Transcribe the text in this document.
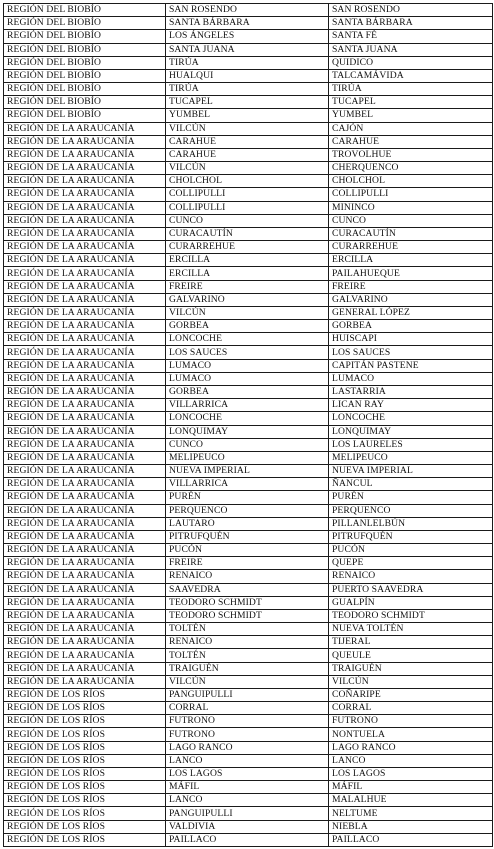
REGIÓN DEL BIOBÍO	SAN ROSENDO	SAN ROSENDO
REGIÓN DEL BIOBÍO	SANTA BÁRBARA	SANTA BÁRBARA
REGIÓN DEL BIOBÍO	LOS ÁNGELES	SANTA FÉ
REGIÓN DEL BIOBÍO	SANTA JUANA	SANTA JUANA
REGIÓN DEL BIOBÍO	TIRÚA	QUIDICO
REGIÓN DEL BIOBÍO	HUALQUI	TALCAMÁVIDA
REGIÓN DEL BIOBÍO	TIRÚA	TIRÚA
REGIÓN DEL BIOBÍO	TUCAPEL	TUCAPEL
REGIÓN DEL BIOBÍO	YUMBEL	YUMBEL
REGIÓN DE LA ARAUCANÍA	VILCÚN	CAJÓN
REGIÓN DE LA ARAUCANÍA	CARAHUE	CARAHUE
REGIÓN DE LA ARAUCANÍA	CARAHUE	TROVOLHUE
REGIÓN DE LA ARAUCANÍA	VILCÚN	CHERQUENCO
REGIÓN DE LA ARAUCANÍA	CHOLCHOL	CHOLCHOL
REGIÓN DE LA ARAUCANÍA	COLLIPULLI	COLLIPULLI
REGIÓN DE LA ARAUCANÍA	COLLIPULLI	MININCO
REGIÓN DE LA ARAUCANÍA	CUNCO	CUNCO
REGIÓN DE LA ARAUCANÍA	CURACAUTÍN	CURACAUTÍN
REGIÓN DE LA ARAUCANÍA	CURARREHUE	CURARREHUE
REGIÓN DE LA ARAUCANÍA	ERCILLA	ERCILLA
REGIÓN DE LA ARAUCANÍA	ERCILLA	PAILAHUEQUE
REGIÓN DE LA ARAUCANÍA	FREIRE	FREIRE
REGIÓN DE LA ARAUCANÍA	GALVARINO	GALVARINO
REGIÓN DE LA ARAUCANÍA	VILCÚN	GENERAL LÓPEZ
REGIÓN DE LA ARAUCANÍA	GORBEA	GORBEA
REGIÓN DE LA ARAUCANÍA	LONCOCHE	HUISCAPI
REGIÓN DE LA ARAUCANÍA	LOS SAUCES	LOS SAUCES
REGIÓN DE LA ARAUCANÍA	LUMACO	CAPITÁN PASTENE
REGIÓN DE LA ARAUCANÍA	LUMACO	LUMACO
REGIÓN DE LA ARAUCANÍA	GORBEA	LASTARRIA
REGIÓN DE LA ARAUCANÍA	VILLARRICA	LICAN RAY
REGIÓN DE LA ARAUCANÍA	LONCOCHE	LONCOCHE
REGIÓN DE LA ARAUCANÍA	LONQUIMAY	LONQUIMAY
REGIÓN DE LA ARAUCANÍA	CUNCO	LOS LAURELES
REGIÓN DE LA ARAUCANÍA	MELIPEUCO	MELIPEUCO
REGIÓN DE LA ARAUCANÍA	NUEVA IMPERIAL	NUEVA IMPERIAL
REGIÓN DE LA ARAUCANÍA	VILLARRICA	ÑANCUL
REGIÓN DE LA ARAUCANÍA	PURÉN	PURÉN
REGIÓN DE LA ARAUCANÍA	PERQUENCO	PERQUENCO
REGIÓN DE LA ARAUCANÍA	LAUTARO	PILLANLELBÚN
REGIÓN DE LA ARAUCANÍA	PITRUFQUÉN	PITRUFQUÉN
REGIÓN DE LA ARAUCANÍA	PUCÓN	PUCÓN
REGIÓN DE LA ARAUCANÍA	FREIRE	QUEPE
REGIÓN DE LA ARAUCANÍA	RENAICO	RENAICO
REGIÓN DE LA ARAUCANÍA	SAAVEDRA	PUERTO SAAVEDRA
REGIÓN DE LA ARAUCANÍA	TEODORO SCHMIDT	GUALPÍN
REGIÓN DE LA ARAUCANÍA	TEODORO SCHMIDT	TEODORO SCHMIDT
REGIÓN DE LA ARAUCANÍA	TOLTÉN	NUEVA TOLTÉN
REGIÓN DE LA ARAUCANÍA	RENAICO	TIJERAL
REGIÓN DE LA ARAUCANÍA	TOLTÉN	QUEULE
REGIÓN DE LA ARAUCANÍA	TRAIGUÉN	TRAIGUÉN
REGIÓN DE LA ARAUCANÍA	VILCÚN	VILCÚN
REGIÓN DE LOS RÍOS	PANGUIPULLI	COÑARIPE
REGIÓN DE LOS RÍOS	CORRAL	CORRAL
REGIÓN DE LOS RÍOS	FUTRONO	FUTRONO
REGIÓN DE LOS RÍOS	FUTRONO	NONTUELA
REGIÓN DE LOS RÍOS	LAGO RANCO	LAGO RANCO
REGIÓN DE LOS RÍOS	LANCO	LANCO
REGIÓN DE LOS RÍOS	LOS LAGOS	LOS LAGOS
REGIÓN DE LOS RÍOS	MÁFIL	MÁFIL
REGIÓN DE LOS RÍOS	LANCO	MALALHUE
REGIÓN DE LOS RÍOS	PANGUIPULLI	NELTUME
REGIÓN DE LOS RÍOS	VALDIVIA	NIEBLA
REGIÓN DE LOS RÍOS	PAILLACO	PAILLACO
